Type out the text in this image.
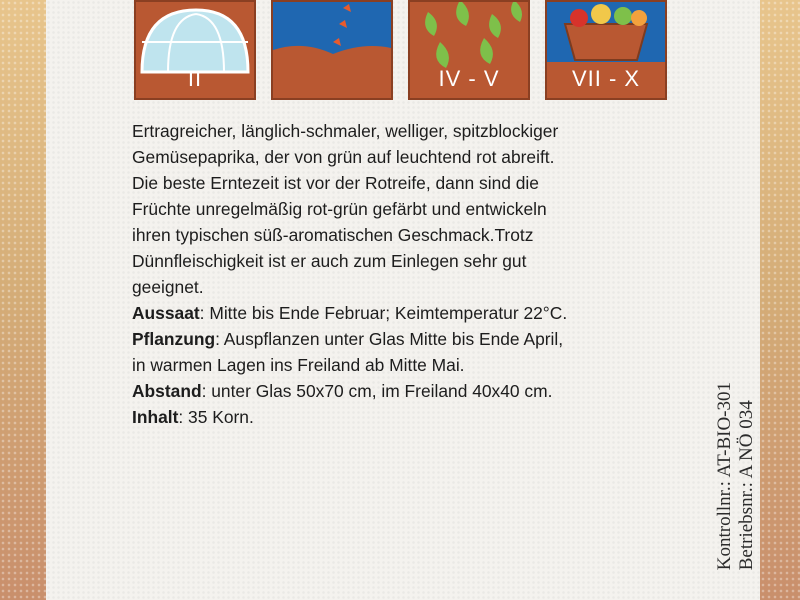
II	IV - V	VII - X

Ertragreicher, länglich-schmaler, welliger, spitzblockiger

Gemüsepaprika, der von grün auf leuchtend rot abreift.

Die beste Erntezeit ist vor der Rotreife, dann sind die

Früchte unregelmäßig rot-grün gefärbt und entwickeln

ihren typischen süß-aromatischen Geschmack.Trotz

Dünnfleischigkeit ist er auch zum Einlegen sehr gut

geeignet.

Aussaat: Mitte bis Ende Februar; Keimtemperatur 22°C.

Pflanzung: Auspflanzen unter Glas Mitte bis Ende April,

in warmen Lagen ins Freiland ab Mitte Mai.

Abstand: unter Glas 50x70 cm, im Freiland 40x40 cm.

Inhalt: 35 Korn.	Kontrollnr.: AT-BIO-301 Betriebsnr.: A NÖ 034
